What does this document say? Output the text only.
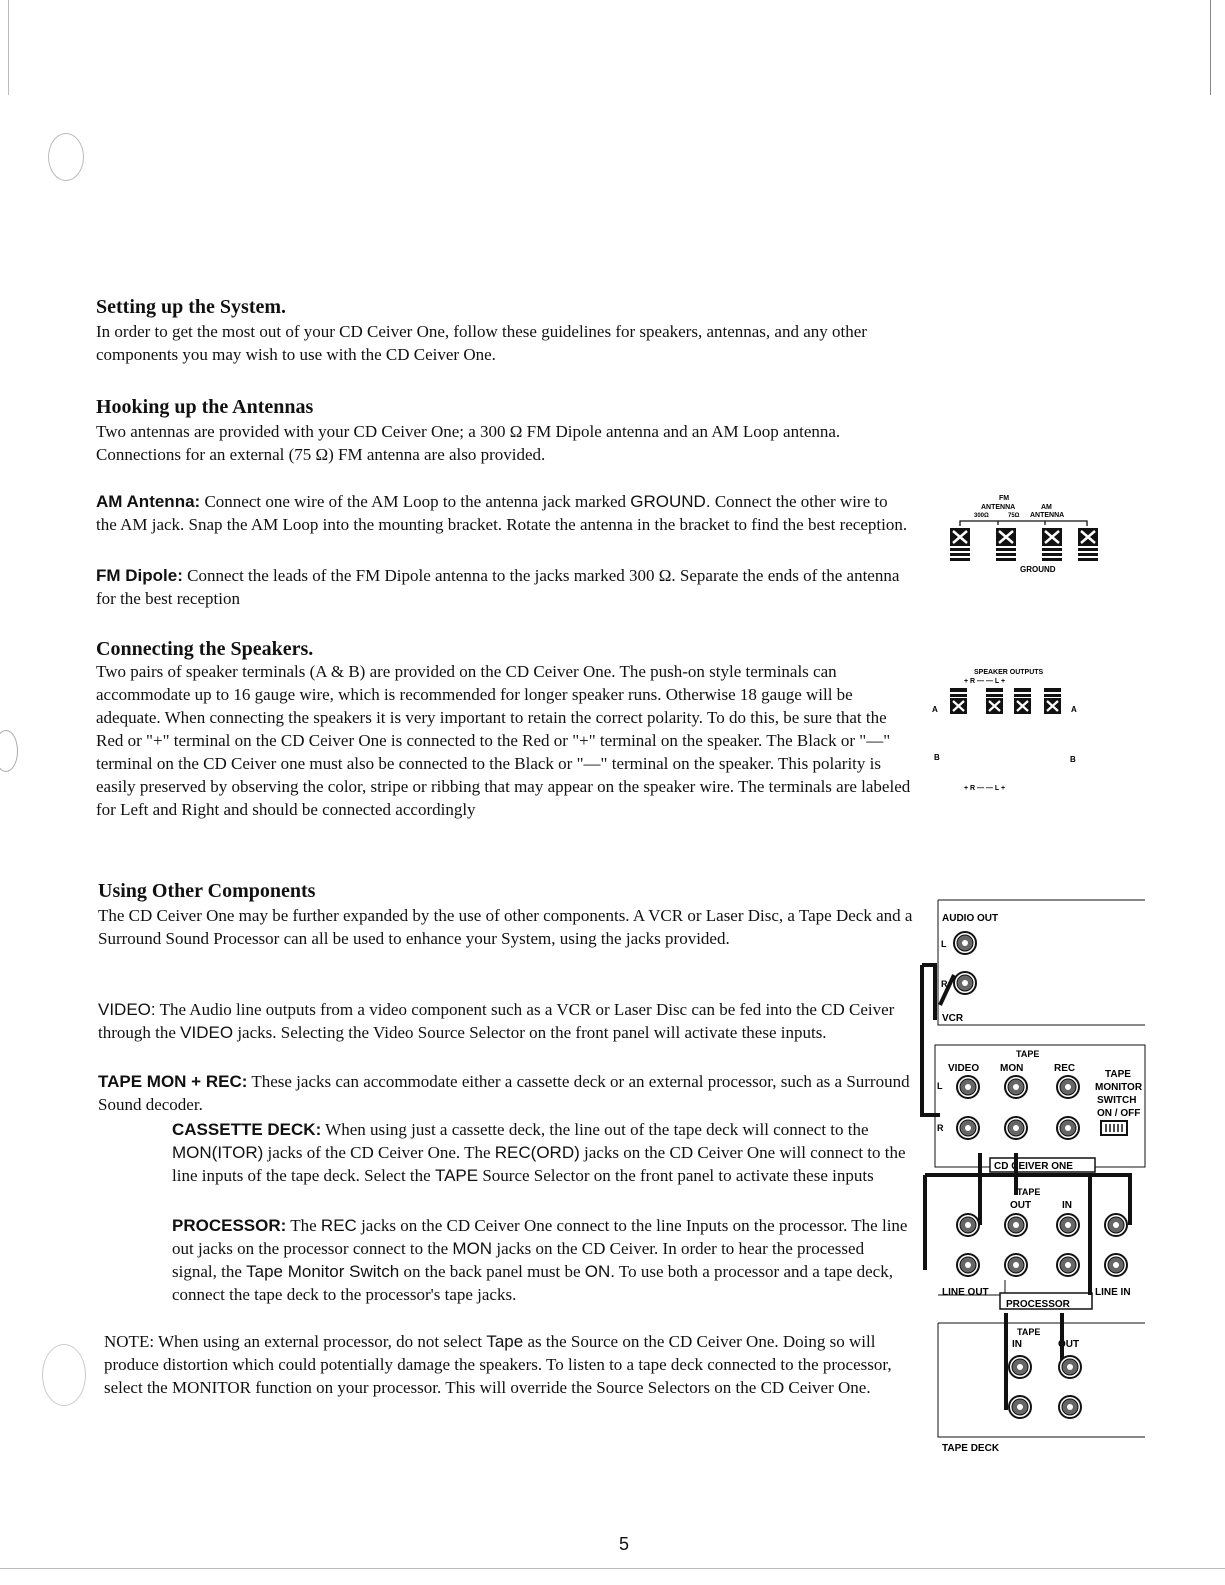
Setting up the System.
In order to get the most out of your CD Ceiver One, follow these guidelines for speakers, antennas, and any other components you may wish to use with the CD Ceiver One.
Hooking up the Antennas
Two antennas are provided with your CD Ceiver One; a 300 Ω FM Dipole antenna and an AM Loop antenna. Connections for an external (75 Ω) FM antenna are also provided.
AM Antenna: Connect one wire of the AM Loop to the antenna jack marked GROUND. Connect the other wire to the AM jack. Snap the AM Loop into the mounting bracket. Rotate the antenna in the bracket to find the best reception.
FM Dipole: Connect the leads of the FM Dipole antenna to the jacks marked 300 Ω. Separate the ends of the antenna for the best reception
Connecting the Speakers.
Two pairs of speaker terminals (A & B) are provided on the CD Ceiver One. The push-on style terminals can accommodate up to 16 gauge wire, which is recommended for longer speaker runs. Otherwise 18 gauge will be adequate. When connecting the speakers it is very important to retain the correct polarity. To do this, be sure that the Red or "+" terminal on the CD Ceiver One is connected to the Red or "+" terminal on the speaker. The Black or "—" terminal on the CD Ceiver one must also be connected to the Black or "—" terminal on the speaker. This polarity is easily preserved by observing the color, stripe or ribbing that may appear on the speaker wire. The terminals are labeled for Left and Right and should be connected accordingly
Using Other Components
The CD Ceiver One may be further expanded by the use of other components. A VCR or Laser Disc, a Tape Deck and a Surround Sound Processor can all be used to enhance your System, using the jacks provided.
VIDEO: The Audio line outputs from a video component such as a VCR or Laser Disc can be fed into the CD Ceiver through the VIDEO jacks. Selecting the Video Source Selector on the front panel will activate these inputs.
TAPE MON + REC: These jacks can accommodate either a cassette deck or an external processor, such as a Surround Sound decoder.
CASSETTE DECK: When using just a cassette deck, the line out of the tape deck will connect to the MON(ITOR) jacks of the CD Ceiver One. The REC(ORD) jacks on the CD Ceiver One will connect to the line inputs of the tape deck. Select the TAPE Source Selector on the front panel to activate these inputs
PROCESSOR: The REC jacks on the CD Ceiver One connect to the line Inputs on the processor. The line out jacks on the processor connect to the MON jacks on the CD Ceiver. In order to hear the processed signal, the Tape Monitor Switch on the back panel must be ON. To use both a processor and a tape deck, connect the tape deck to the processor's tape jacks.
NOTE: When using an external processor, do not select Tape as the Source on the CD Ceiver One. Doing so will produce distortion which could potentially damage the speakers. To listen to a tape deck connected to the processor, select the MONITOR function on your processor. This will override the Source Selectors on the CD Ceiver One.
FM
ANTENNA	AM
300Ω	75Ω ANTENNA
GROUND
SPEAKER OUTPUTS
+ R — — L +
A	A
B	B
+ R — — L +
AUDIO OUT
L
R
VCR
TAPE
VIDEO MON	REC
L
R
TAPE
MONITOR
SWITCH
ON / OFF
CD CEIVER ONE
TAPE
OUT	IN
LINE OUT	LINE IN
PROCESSOR
TAPE
IN	OUT
TAPE DECK
5
